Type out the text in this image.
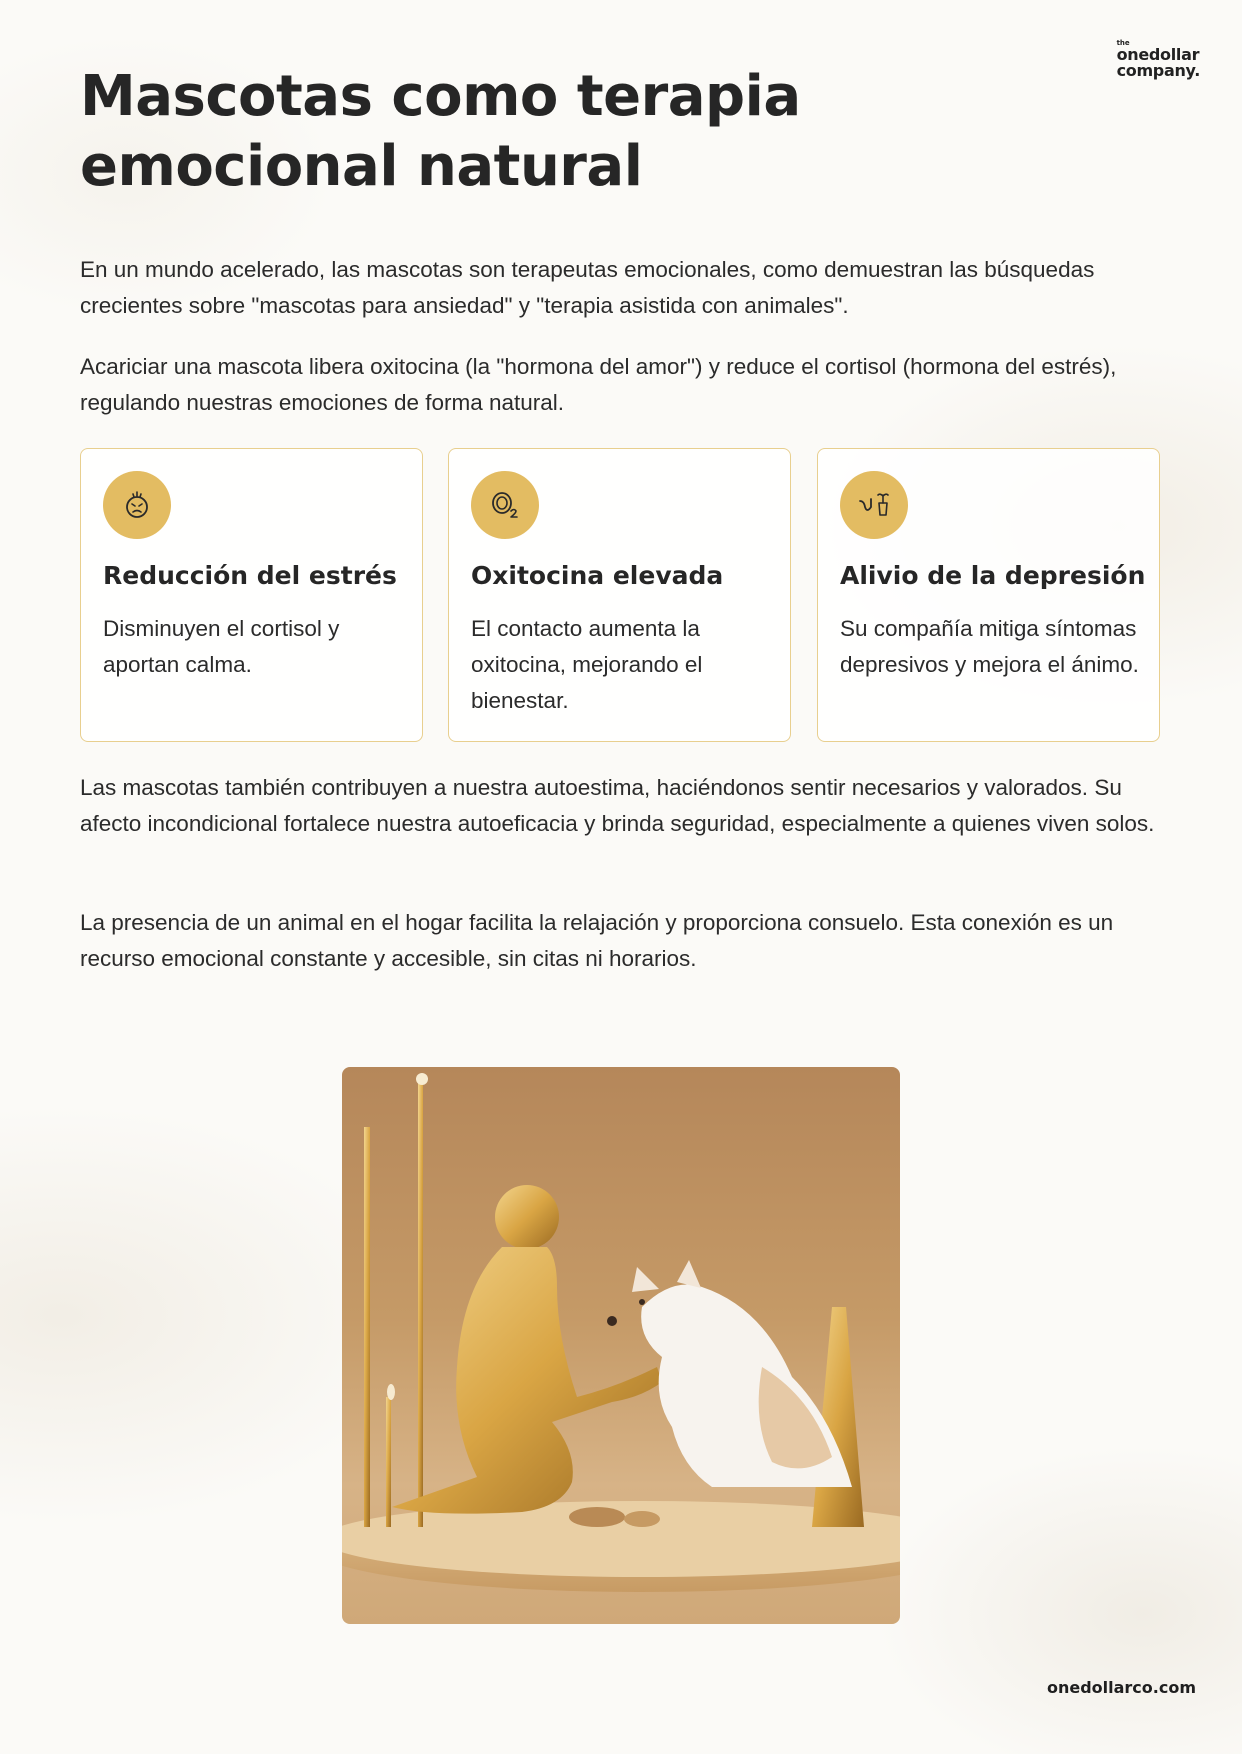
the
onedollar
company.
Mascotas como terapia emocional natural

En un mundo acelerado, las mascotas son terapeutas emocionales, como demuestran las búsquedas crecientes sobre "mascotas para ansiedad" y "terapia asistida con animales".

Acariciar una mascota libera oxitocina (la "hormona del amor") y reduce el cortisol (hormona del estrés), regulando nuestras emociones de forma natural.

Reducción del estrés

Disminuyen el cortisol y aportan calma.

Oxitocina elevada

El contacto aumenta la oxitocina, mejorando el bienestar.

Alivio de la depresión

Su compañía mitiga síntomas depresivos y mejora el ánimo.

Las mascotas también contribuyen a nuestra autoestima, haciéndonos sentir necesarios y valorados. Su afecto incondicional fortalece nuestra autoeficacia y brinda seguridad, especialmente a quienes viven solos.

La presencia de un animal en el hogar facilita la relajación y proporciona consuelo. Esta conexión es un recurso emocional constante y accesible, sin citas ni horarios.

onedollarco.com
